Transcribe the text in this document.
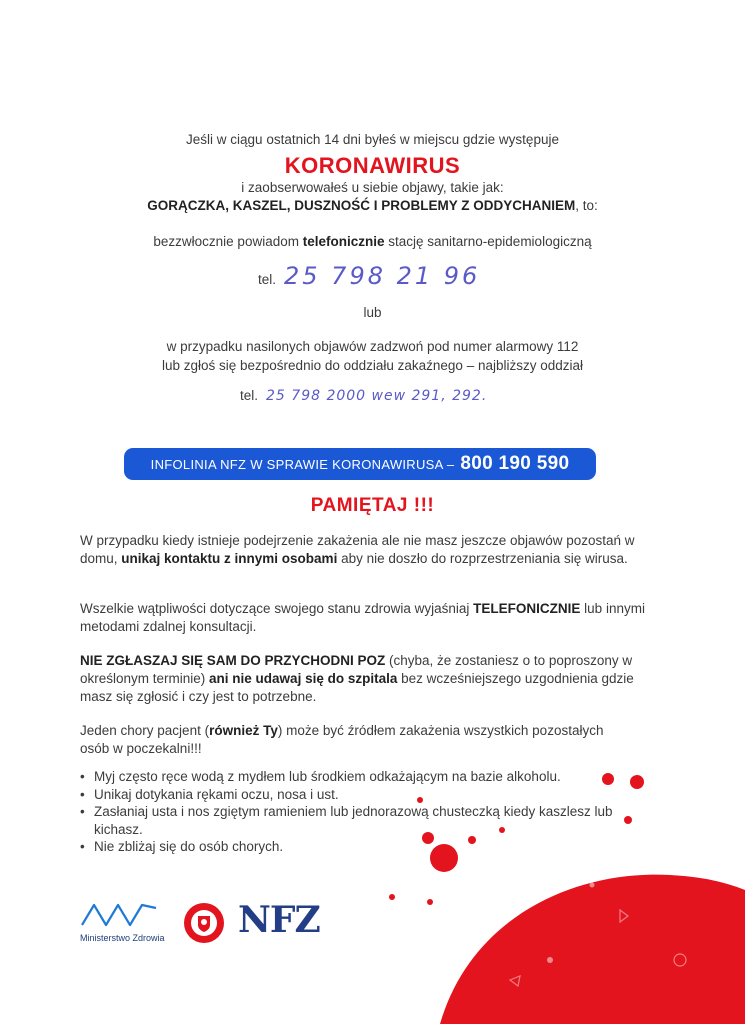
Jeśli w ciągu ostatnich 14 dni byłeś w miejscu gdzie występuje
KORONAWIRUS
i zaobserwowałeś u siebie objawy, takie jak:
GORĄCZKA, KASZEL, DUSZNOŚĆ I PROBLEMY Z ODDYCHANIEM, to:
bezzwłocznie powiadom telefonicznie stację sanitarno-epidemiologiczną
tel. 25 798 21 96
lub
w przypadku nasilonych objawów zadzwoń pod numer alarmowy 112
lub zgłoś się bezpośrednio do oddziału zakaźnego – najbliższy oddział
tel. 25 798 2000 wew 291, 292.
INFOLINIA NFZ W SPRAWIE KORONAWIRUSA – 800 190 590
PAMIĘTAJ !!!
W przypadku kiedy istnieje podejrzenie zakażenia ale nie masz jeszcze objawów pozostań w domu, unikaj kontaktu z innymi osobami aby nie doszło do rozprzestrzeniania się wirusa.
Wszelkie wątpliwości dotyczące swojego stanu zdrowia wyjaśniaj TELEFONICZNIE lub innymi metodami zdalnej konsultacji.
NIE ZGŁASZAJ SIĘ SAM DO PRZYCHODNI POZ (chyba, że zostaniesz o to poproszony w określonym terminie) ani nie udawaj się do szpitala bez wcześniejszego uzgodnienia gdzie masz się zgłosić i czy jest to potrzebne.
Jeden chory pacjent (również Ty) może być źródłem zakażenia wszystkich pozostałych osób w poczekalni!!!
• Myj często ręce wodą z mydłem lub środkiem odkażającym na bazie alkoholu.
• Unikaj dotykania rękami oczu, nosa i ust.
• Zasłaniaj usta i nos zgiętym ramieniem lub jednorazową chusteczką kiedy kaszlesz lub kichasz.
• Nie zbliżaj się do osób chorych.
Ministerstwo Zdrowia NFZ
